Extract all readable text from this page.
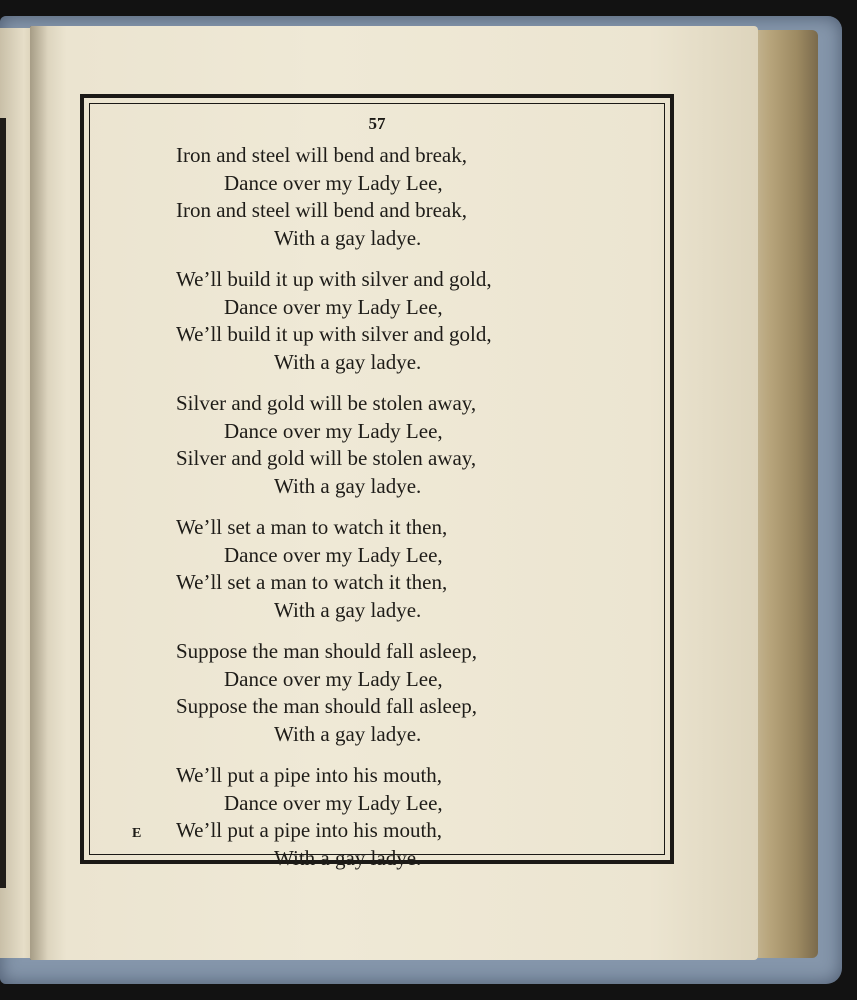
57
Iron and steel will bend and break,
Dance over my Lady Lee,
Iron and steel will bend and break,
With a gay ladye.
We’ll build it up with silver and gold,
Dance over my Lady Lee,
We’ll build it up with silver and gold,
With a gay ladye.
Silver and gold will be stolen away,
Dance over my Lady Lee,
Silver and gold will be stolen away,
With a gay ladye.
We’ll set a man to watch it then,
Dance over my Lady Lee,
We’ll set a man to watch it then,
With a gay ladye.
Suppose the man should fall asleep,
Dance over my Lady Lee,
Suppose the man should fall asleep,
With a gay ladye.
We’ll put a pipe into his mouth,
Dance over my Lady Lee,
We’ll put a pipe into his mouth,
With a gay ladye.
E
